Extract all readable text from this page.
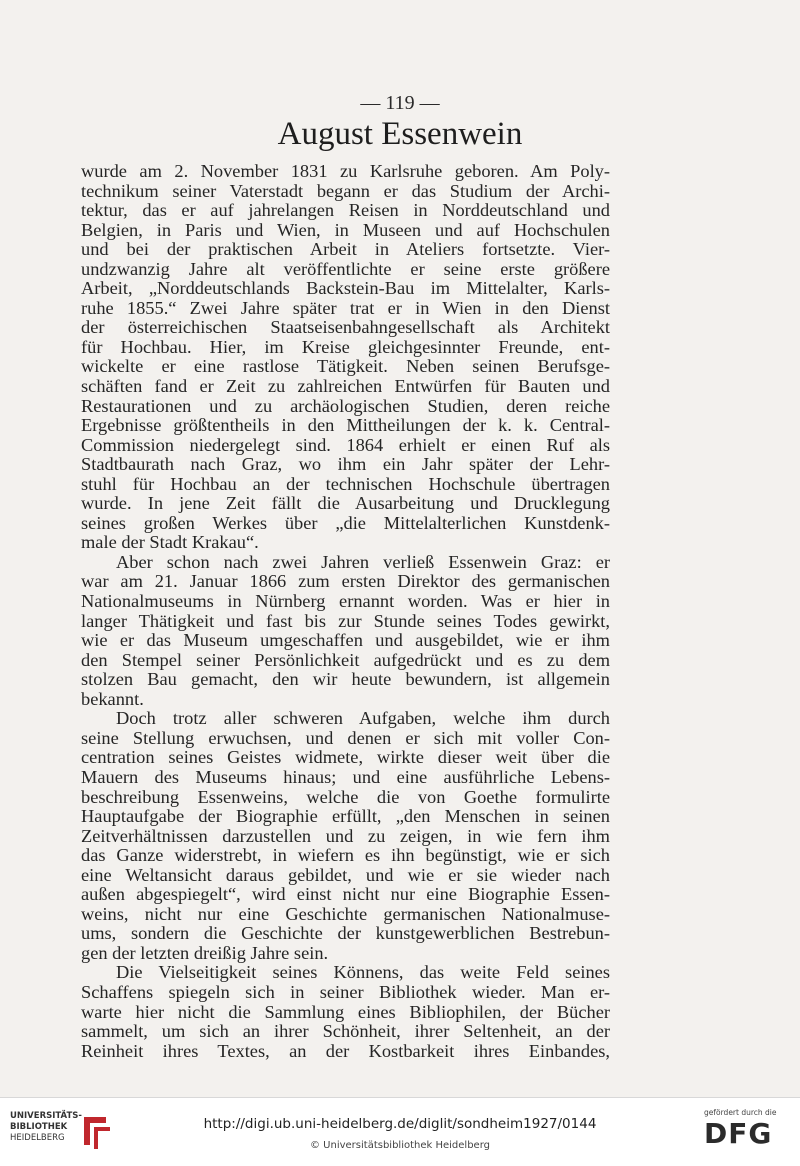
— 119 —
August Essenwein
wurde am 2. November 1831 zu Karlsruhe geboren. Am Poly-
technikum seiner Vaterstadt begann er das Studium der Archi-
tektur, das er auf jahrelangen Reisen in Norddeutschland und
Belgien, in Paris und Wien, in Museen und auf Hochschulen
und bei der praktischen Arbeit in Ateliers fortsetzte. Vier-
undzwanzig Jahre alt veröffentlichte er seine erste größere
Arbeit, „Norddeutschlands Backstein-Bau im Mittelalter, Karls-
ruhe 1855.“ Zwei Jahre später trat er in Wien in den Dienst
der österreichischen Staatseisenbahngesellschaft als Architekt
für Hochbau. Hier, im Kreise gleichgesinnter Freunde, ent-
wickelte er eine rastlose Tätigkeit. Neben seinen Berufsge-
schäften fand er Zeit zu zahlreichen Entwürfen für Bauten und
Restaurationen und zu archäologischen Studien, deren reiche
Ergebnisse größtentheils in den Mittheilungen der k. k. Central-
Commission niedergelegt sind. 1864 erhielt er einen Ruf als
Stadtbaurath nach Graz, wo ihm ein Jahr später der Lehr-
stuhl für Hochbau an der technischen Hochschule übertragen
wurde. In jene Zeit fällt die Ausarbeitung und Drucklegung
seines großen Werkes über „die Mittelalterlichen Kunstdenk-
male der Stadt Krakau“.
Aber schon nach zwei Jahren verließ Essenwein Graz: er
war am 21. Januar 1866 zum ersten Direktor des germanischen
Nationalmuseums in Nürnberg ernannt worden. Was er hier in
langer Thätigkeit und fast bis zur Stunde seines Todes gewirkt,
wie er das Museum umgeschaffen und ausgebildet, wie er ihm
den Stempel seiner Persönlichkeit aufgedrückt und es zu dem
stolzen Bau gemacht, den wir heute bewundern, ist allgemein
bekannt.
Doch trotz aller schweren Aufgaben, welche ihm durch
seine Stellung erwuchsen, und denen er sich mit voller Con-
centration seines Geistes widmete, wirkte dieser weit über die
Mauern des Museums hinaus; und eine ausführliche Lebens-
beschreibung Essenweins, welche die von Goethe formulirte
Hauptaufgabe der Biographie erfüllt, „den Menschen in seinen
Zeitverhältnissen darzustellen und zu zeigen, in wie fern ihm
das Ganze widerstrebt, in wiefern es ihn begünstigt, wie er sich
eine Weltansicht daraus gebildet, und wie er sie wieder nach
außen abgespiegelt“, wird einst nicht nur eine Biographie Essen-
weins, nicht nur eine Geschichte germanischen Nationalmuse-
ums, sondern die Geschichte der kunstgewerblichen Bestrebun-
gen der letzten dreißig Jahre sein.
Die Vielseitigkeit seines Könnens, das weite Feld seines
Schaffens spiegeln sich in seiner Bibliothek wieder. Man er-
warte hier nicht die Sammlung eines Bibliophilen, der Bücher
sammelt, um sich an ihrer Schönheit, ihrer Seltenheit, an der
Reinheit ihres Textes, an der Kostbarkeit ihres Einbandes,
UNIVERSITÄTS-
BIBLIOTHEK
HEIDELBERG
http://digi.ub.uni-heidelberg.de/diglit/sondheim1927/0144
© Universitätsbibliothek Heidelberg
gefördert durch die
DFG
